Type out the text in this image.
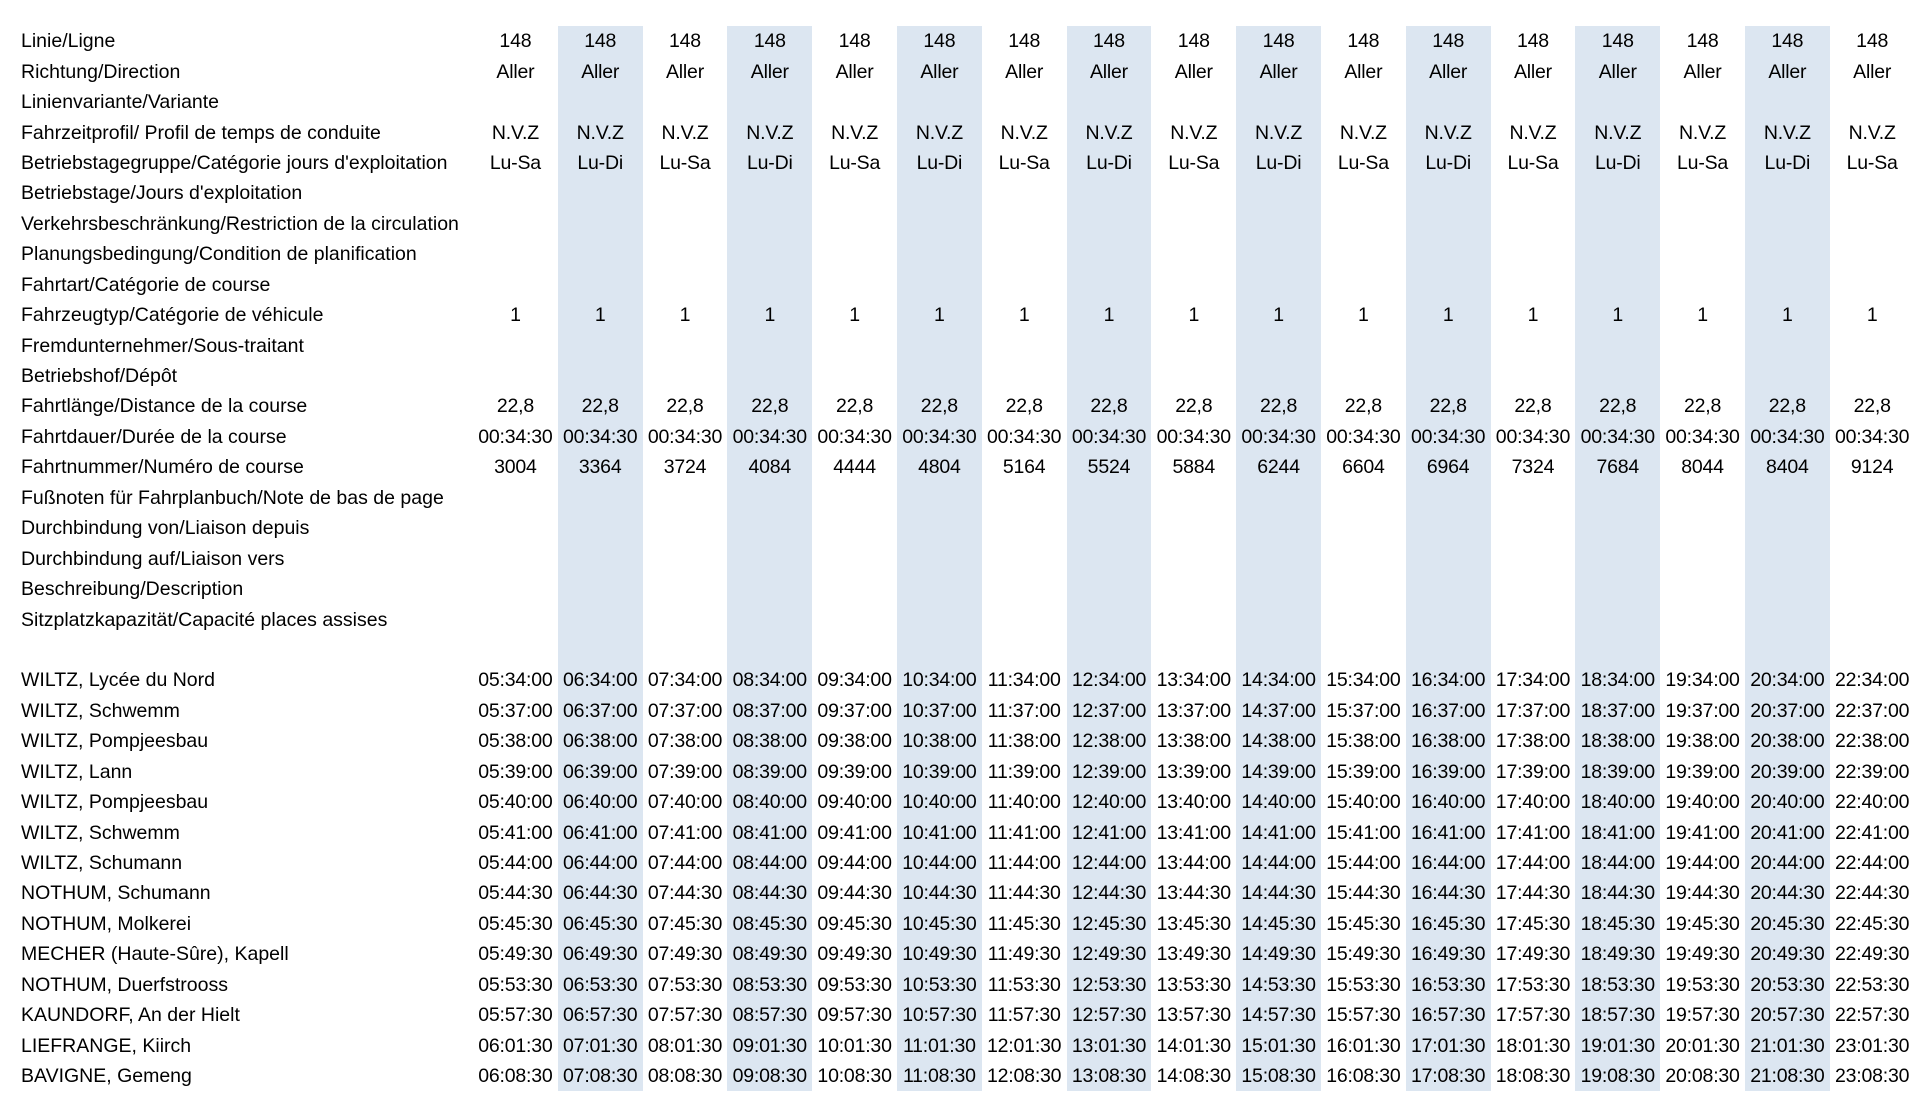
Linie/Ligne	148	148	148	148	148	148	148	148	148	148	148	148	148	148	148	148	148
Richtung/Direction	Aller	Aller	Aller	Aller	Aller	Aller	Aller	Aller	Aller	Aller	Aller	Aller	Aller	Aller	Aller	Aller	Aller
Linienvariante/Variante																	
Fahrzeitprofil/ Profil de temps de conduite	N.V.Z	N.V.Z	N.V.Z	N.V.Z	N.V.Z	N.V.Z	N.V.Z	N.V.Z	N.V.Z	N.V.Z	N.V.Z	N.V.Z	N.V.Z	N.V.Z	N.V.Z	N.V.Z	N.V.Z
Betriebstagegruppe/Catégorie jours d'exploitation	Lu-Sa	Lu-Di	Lu-Sa	Lu-Di	Lu-Sa	Lu-Di	Lu-Sa	Lu-Di	Lu-Sa	Lu-Di	Lu-Sa	Lu-Di	Lu-Sa	Lu-Di	Lu-Sa	Lu-Di	Lu-Sa
Betriebstage/Jours d'exploitation																	
Verkehrsbeschränkung/Restriction de la circulation																	
Planungsbedingung/Condition de planification																	
Fahrtart/Catégorie de course																	
Fahrzeugtyp/Catégorie de véhicule	1	1	1	1	1	1	1	1	1	1	1	1	1	1	1	1	1
Fremdunternehmer/Sous-traitant																	
Betriebshof/Dépôt																	
Fahrtlänge/Distance de la course	22,8	22,8	22,8	22,8	22,8	22,8	22,8	22,8	22,8	22,8	22,8	22,8	22,8	22,8	22,8	22,8	22,8
Fahrtdauer/Durée de la course	00:34:30	00:34:30	00:34:30	00:34:30	00:34:30	00:34:30	00:34:30	00:34:30	00:34:30	00:34:30	00:34:30	00:34:30	00:34:30	00:34:30	00:34:30	00:34:30	00:34:30
Fahrtnummer/Numéro de course	3004	3364	3724	4084	4444	4804	5164	5524	5884	6244	6604	6964	7324	7684	8044	8404	9124
Fußnoten für Fahrplanbuch/Note de bas de page																	
Durchbindung von/Liaison depuis																	
Durchbindung auf/Liaison vers																	
Beschreibung/Description																	
Sitzplatzkapazität/Capacité places assises																	

WILTZ, Lycée du Nord	05:34:00	06:34:00	07:34:00	08:34:00	09:34:00	10:34:00	11:34:00	12:34:00	13:34:00	14:34:00	15:34:00	16:34:00	17:34:00	18:34:00	19:34:00	20:34:00	22:34:00
WILTZ, Schwemm	05:37:00	06:37:00	07:37:00	08:37:00	09:37:00	10:37:00	11:37:00	12:37:00	13:37:00	14:37:00	15:37:00	16:37:00	17:37:00	18:37:00	19:37:00	20:37:00	22:37:00
WILTZ, Pompjeesbau	05:38:00	06:38:00	07:38:00	08:38:00	09:38:00	10:38:00	11:38:00	12:38:00	13:38:00	14:38:00	15:38:00	16:38:00	17:38:00	18:38:00	19:38:00	20:38:00	22:38:00
WILTZ, Lann	05:39:00	06:39:00	07:39:00	08:39:00	09:39:00	10:39:00	11:39:00	12:39:00	13:39:00	14:39:00	15:39:00	16:39:00	17:39:00	18:39:00	19:39:00	20:39:00	22:39:00
WILTZ, Pompjeesbau	05:40:00	06:40:00	07:40:00	08:40:00	09:40:00	10:40:00	11:40:00	12:40:00	13:40:00	14:40:00	15:40:00	16:40:00	17:40:00	18:40:00	19:40:00	20:40:00	22:40:00
WILTZ, Schwemm	05:41:00	06:41:00	07:41:00	08:41:00	09:41:00	10:41:00	11:41:00	12:41:00	13:41:00	14:41:00	15:41:00	16:41:00	17:41:00	18:41:00	19:41:00	20:41:00	22:41:00
WILTZ, Schumann	05:44:00	06:44:00	07:44:00	08:44:00	09:44:00	10:44:00	11:44:00	12:44:00	13:44:00	14:44:00	15:44:00	16:44:00	17:44:00	18:44:00	19:44:00	20:44:00	22:44:00
NOTHUM, Schumann	05:44:30	06:44:30	07:44:30	08:44:30	09:44:30	10:44:30	11:44:30	12:44:30	13:44:30	14:44:30	15:44:30	16:44:30	17:44:30	18:44:30	19:44:30	20:44:30	22:44:30
NOTHUM, Molkerei	05:45:30	06:45:30	07:45:30	08:45:30	09:45:30	10:45:30	11:45:30	12:45:30	13:45:30	14:45:30	15:45:30	16:45:30	17:45:30	18:45:30	19:45:30	20:45:30	22:45:30
MECHER (Haute-Sûre), Kapell	05:49:30	06:49:30	07:49:30	08:49:30	09:49:30	10:49:30	11:49:30	12:49:30	13:49:30	14:49:30	15:49:30	16:49:30	17:49:30	18:49:30	19:49:30	20:49:30	22:49:30
NOTHUM, Duerfstrooss	05:53:30	06:53:30	07:53:30	08:53:30	09:53:30	10:53:30	11:53:30	12:53:30	13:53:30	14:53:30	15:53:30	16:53:30	17:53:30	18:53:30	19:53:30	20:53:30	22:53:30
KAUNDORF, An der Hielt	05:57:30	06:57:30	07:57:30	08:57:30	09:57:30	10:57:30	11:57:30	12:57:30	13:57:30	14:57:30	15:57:30	16:57:30	17:57:30	18:57:30	19:57:30	20:57:30	22:57:30
LIEFRANGE, Kiirch	06:01:30	07:01:30	08:01:30	09:01:30	10:01:30	11:01:30	12:01:30	13:01:30	14:01:30	15:01:30	16:01:30	17:01:30	18:01:30	19:01:30	20:01:30	21:01:30	23:01:30
BAVIGNE, Gemeng	06:08:30	07:08:30	08:08:30	09:08:30	10:08:30	11:08:30	12:08:30	13:08:30	14:08:30	15:08:30	16:08:30	17:08:30	18:08:30	19:08:30	20:08:30	21:08:30	23:08:30
